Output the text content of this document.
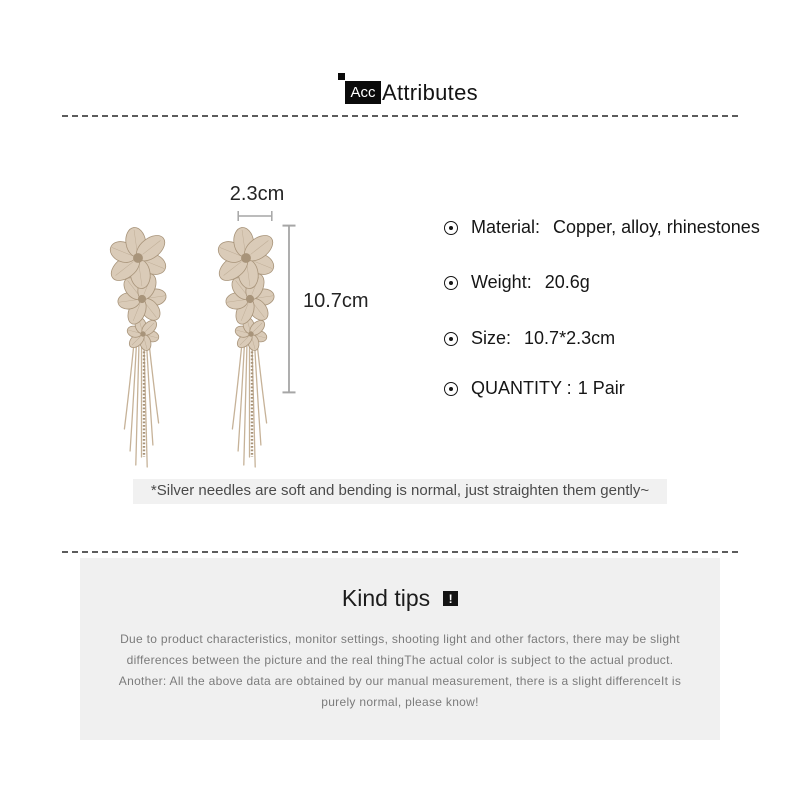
Acc Attributes
2.3cm
10.7cm
Material: Copper, alloy, rhinestones
Weight: 20.6g
Size: 10.7*2.3cm
QUANTITY : 1 Pair
*Silver needles are soft and bending is normal, just straighten them gently~
Kind tips	!
Due to product characteristics, monitor settings, shooting light and other factors, there may be slight
differences between the picture and the real thingThe actual color is subject to the actual product.
Another: All the above data are obtained by our manual measurement, there is a slight differenceIt is
purely normal, please know!
